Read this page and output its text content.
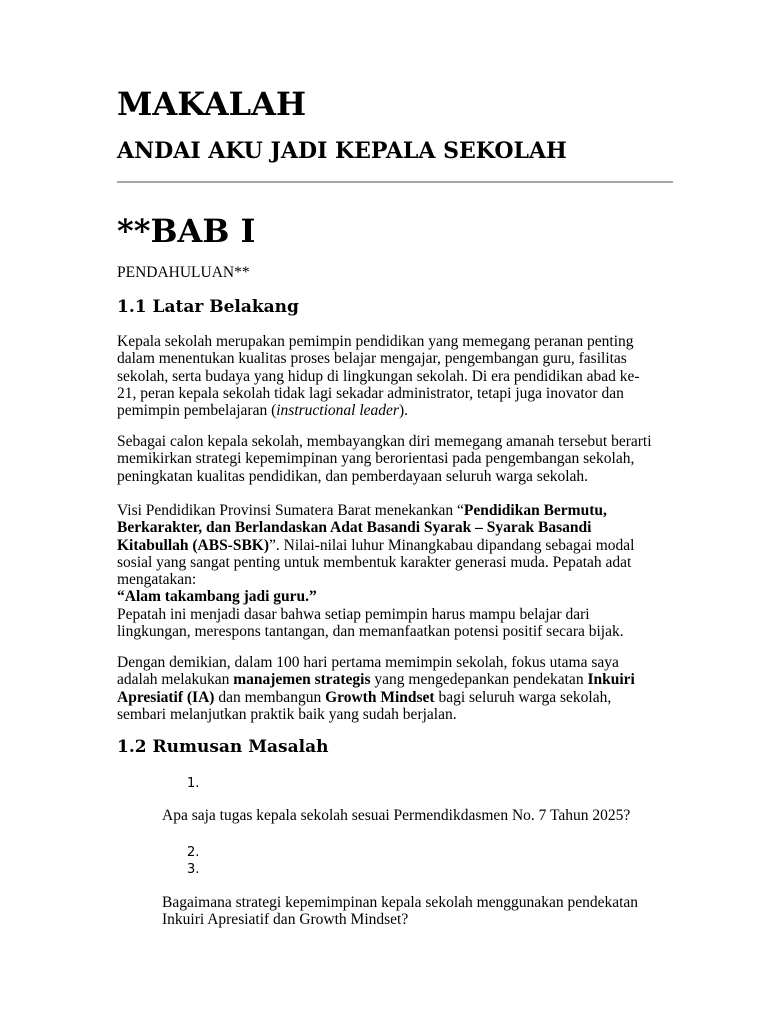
MAKALAH
ANDAI AKU JADI KEPALA SEKOLAH
**BAB I

PENDAHULUAN**

1.1 Latar Belakang

Kepala sekolah merupakan pemimpin pendidikan yang memegang peranan penting
dalam menentukan kualitas proses belajar mengajar, pengembangan guru, fasilitas
sekolah, serta budaya yang hidup di lingkungan sekolah. Di era pendidikan abad ke-
21, peran kepala sekolah tidak lagi sekadar administrator, tetapi juga inovator dan
pemimpin pembelajaran (instructional leader).

Sebagai calon kepala sekolah, membayangkan diri memegang amanah tersebut berarti
memikirkan strategi kepemimpinan yang berorientasi pada pengembangan sekolah,
peningkatan kualitas pendidikan, dan pemberdayaan seluruh warga sekolah.

Visi Pendidikan Provinsi Sumatera Barat menekankan “Pendidikan Bermutu,
Berkarakter, dan Berlandaskan Adat Basandi Syarak – Syarak Basandi
Kitabullah (ABS-SBK)”. Nilai-nilai luhur Minangkabau dipandang sebagai modal
sosial yang sangat penting untuk membentuk karakter generasi muda. Pepatah adat
mengatakan:
“Alam takambang jadi guru.”
Pepatah ini menjadi dasar bahwa setiap pemimpin harus mampu belajar dari
lingkungan, merespons tantangan, dan memanfaatkan potensi positif secara bijak.

Dengan demikian, dalam 100 hari pertama memimpin sekolah, fokus utama saya
adalah melakukan manajemen strategis yang mengedepankan pendekatan Inkuiri
Apresiatif (IA) dan membangun Growth Mindset bagi seluruh warga sekolah,
sembari melanjutkan praktik baik yang sudah berjalan.

1.2 Rumusan Masalah
1.

Apa saja tugas kepala sekolah sesuai Permendikdasmen No. 7 Tahun 2025?

2.
3.

Bagaimana strategi kepemimpinan kepala sekolah menggunakan pendekatan
Inkuiri Apresiatif dan Growth Mindset?
